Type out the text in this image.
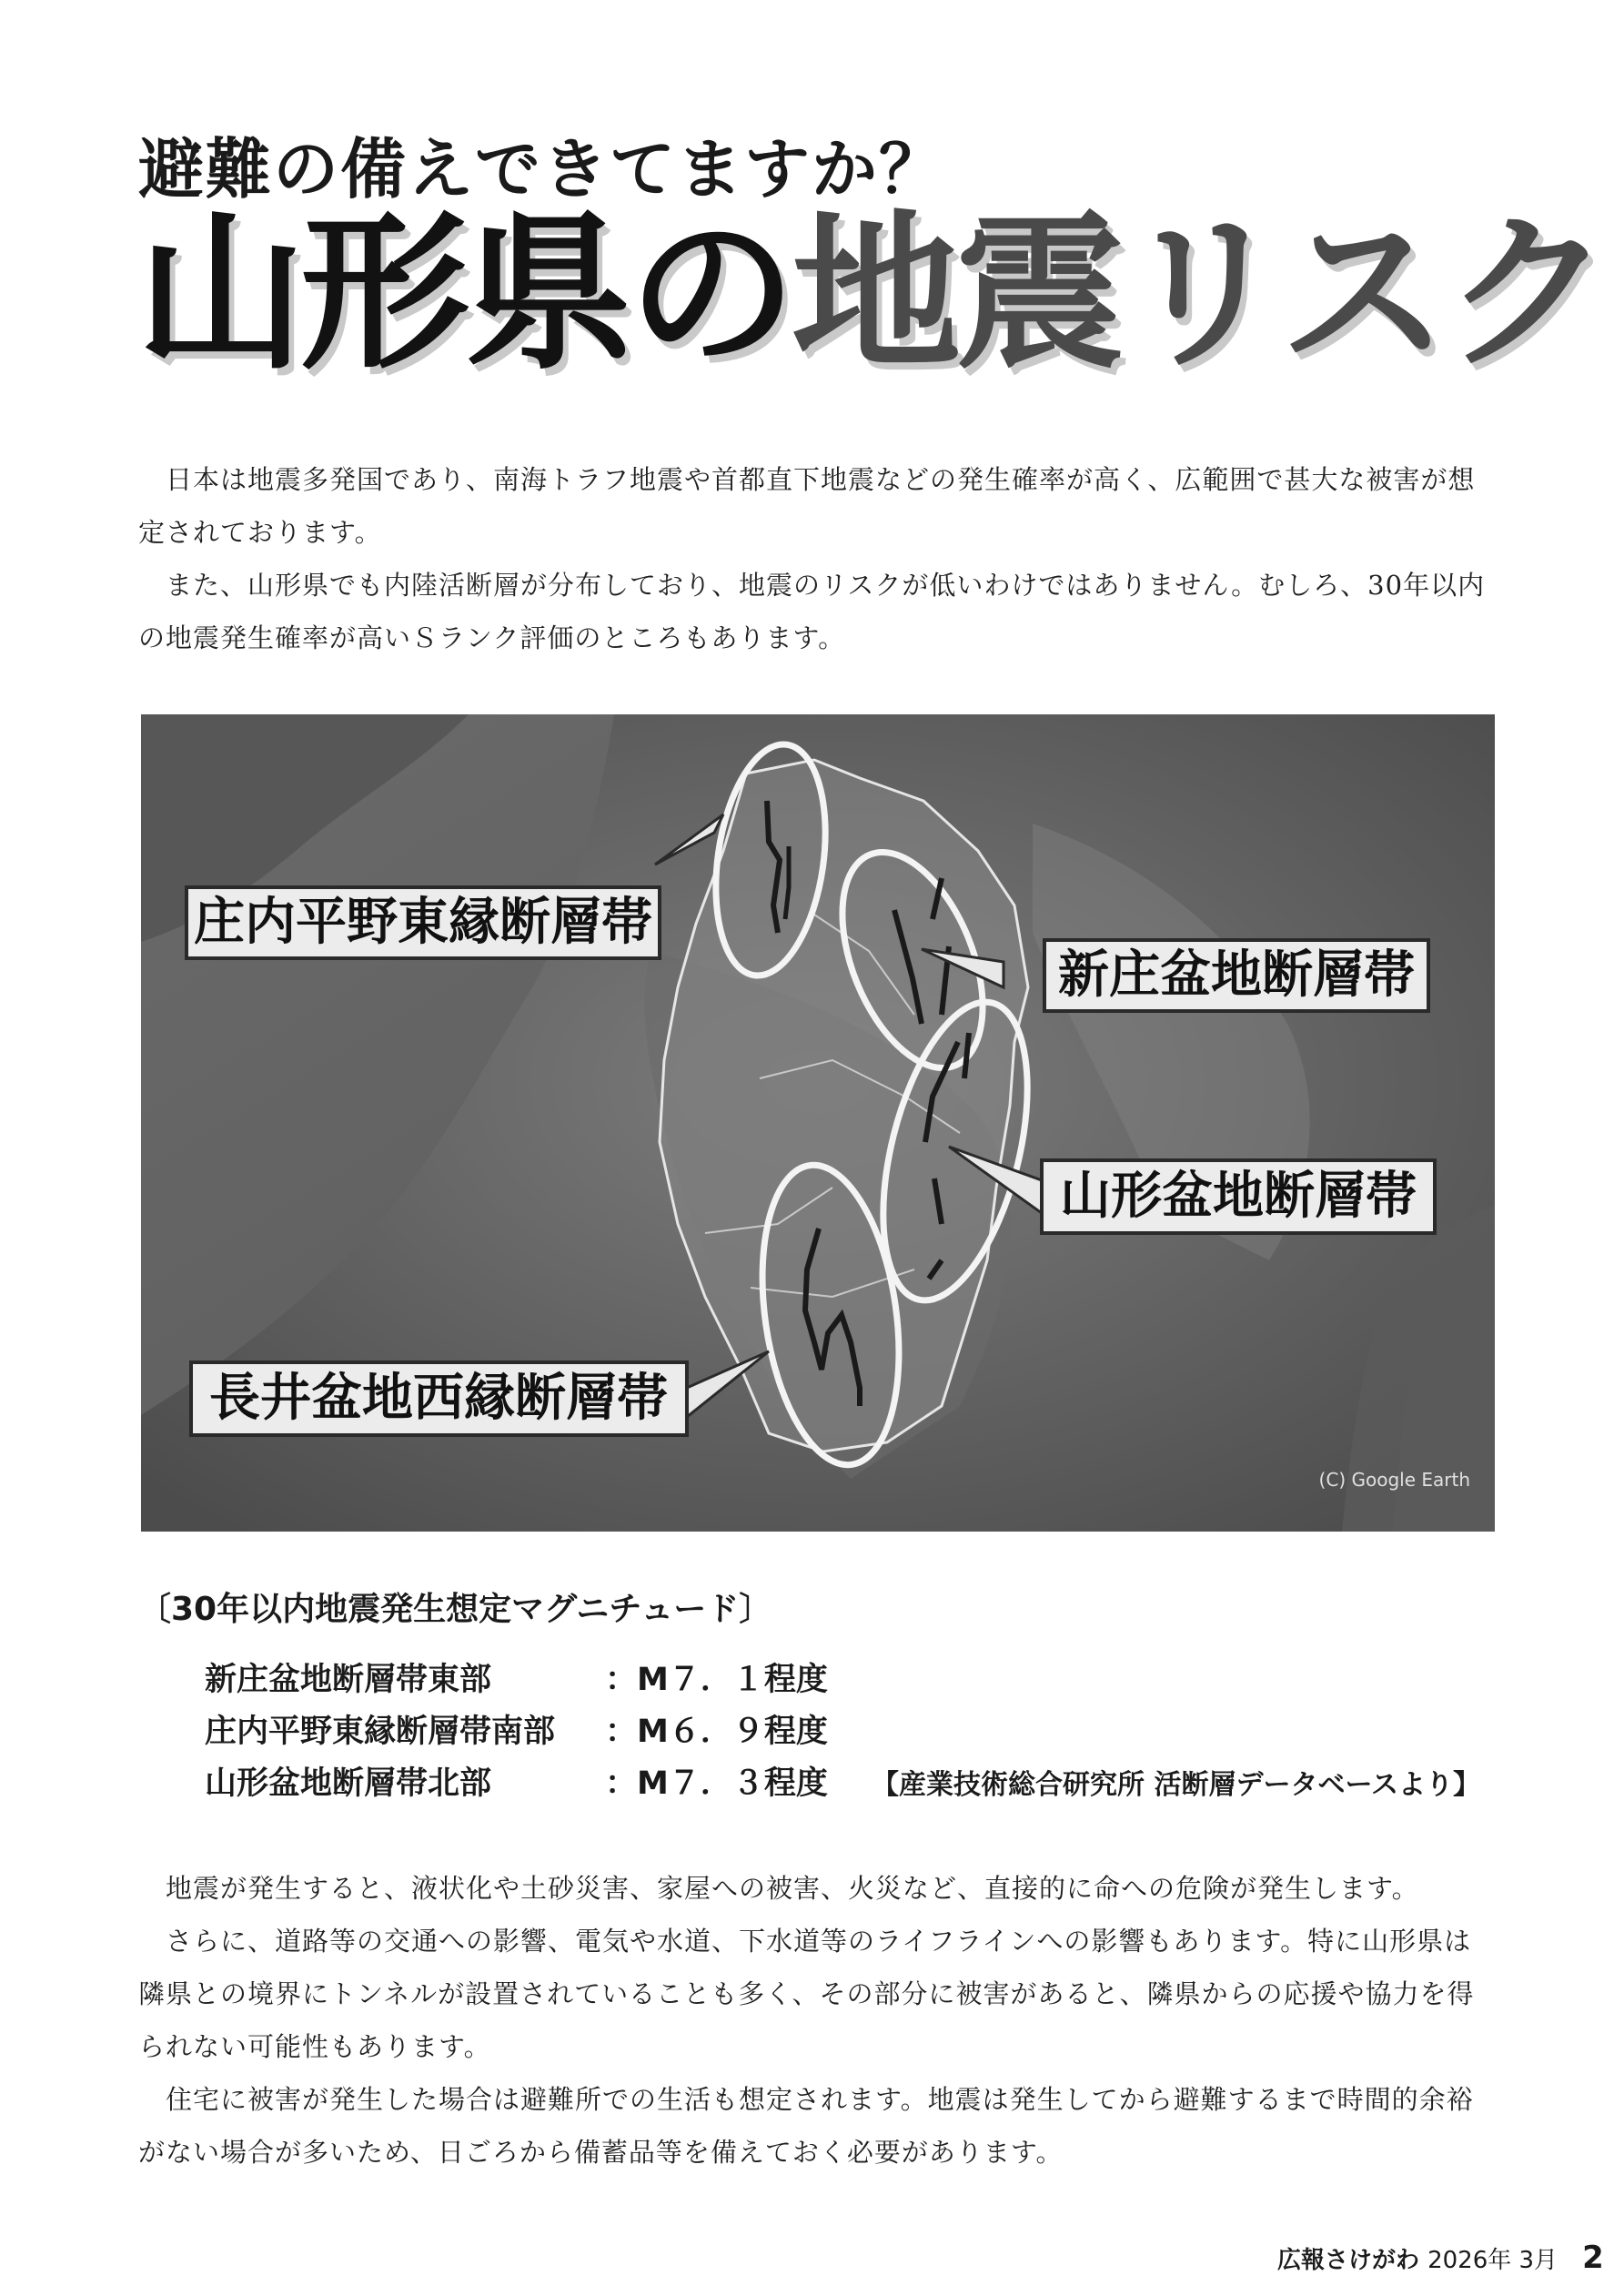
避難の備えできてますか？
山形県の地震リスク

日本は地震多発国であり、南海トラフ地震や首都直下地震などの発生確率が高く、広範囲で甚大な被害が想定されております。

また、山形県でも内陸活断層が分布しており、地震のリスクが低いわけではありません。むしろ、30年以内の地震発生確率が高いＳランク評価のところもあります。

庄内平野東縁断層帯
新庄盆地断層帯
山形盆地断層帯
長井盆地西縁断層帯
(C) Google Earth
〔30年以内地震発生想定マグニチュード〕
新庄盆地断層帯東部	：M７．１程度
庄内平野東縁断層帯南部 ：M６．９程度
山形盆地断層帯北部	：M７．３程度 【産業技術総合研究所 活断層データベースより】

地震が発生すると、液状化や土砂災害、家屋への被害、火災など、直接的に命への危険が発生します。

さらに、道路等の交通への影響、電気や水道、下水道等のライフラインへの影響もあります。特に山形県は隣県との境界にトンネルが設置されていることも多く、その部分に被害があると、隣県からの応援や協力を得られない可能性もあります。

住宅に被害が発生した場合は避難所での生活も想定されます。地震は発生してから避難するまで時間的余裕がない場合が多いため、日ごろから備蓄品等を備えておく必要があります。

広報さけがわ 2026年 3月 2
